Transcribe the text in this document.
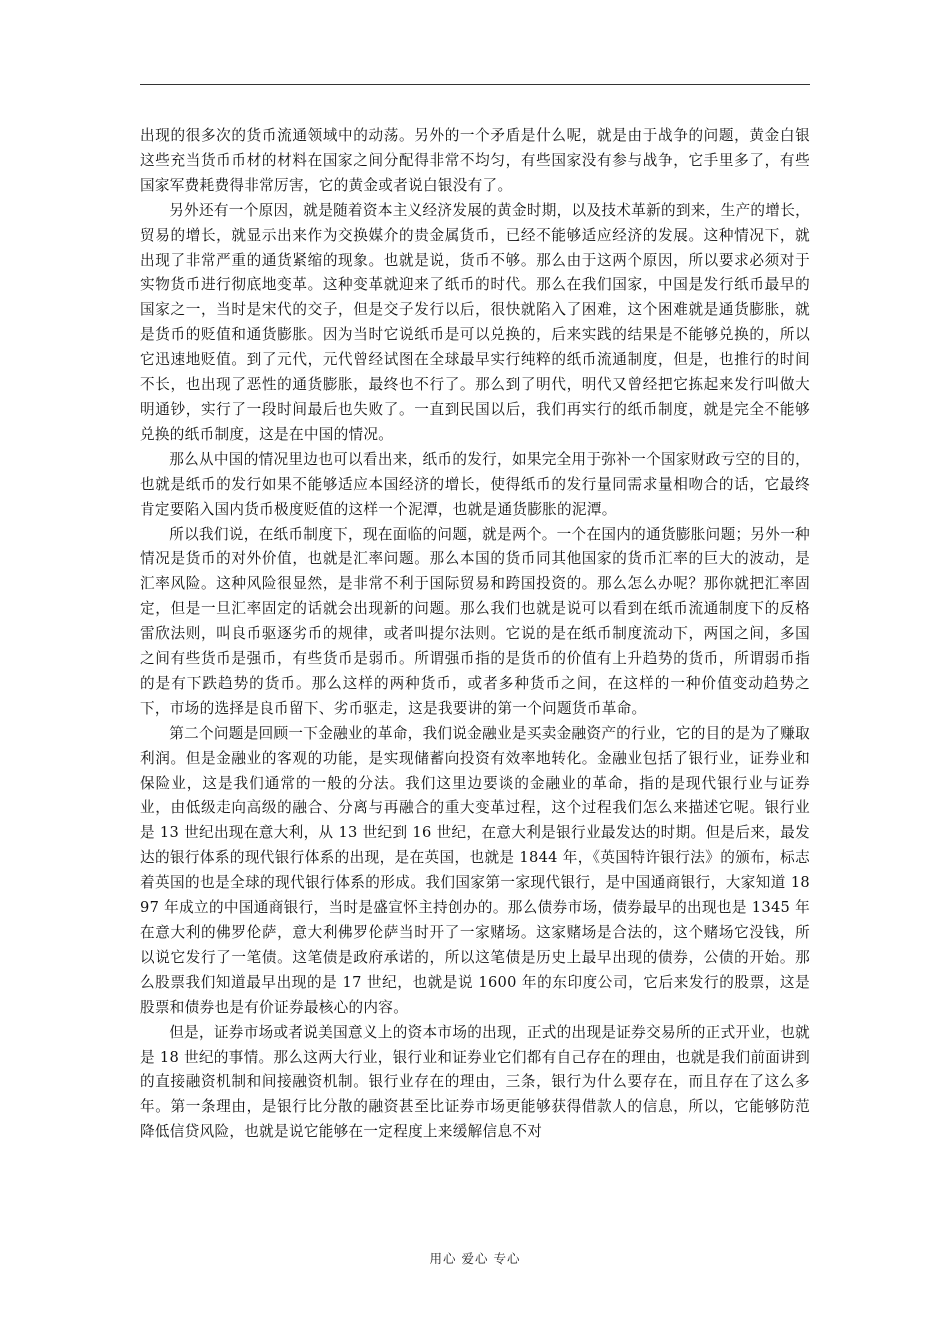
出现的很多次的货币流通领域中的动荡。另外的一个矛盾是什么呢，就是由于战争的问题，黄金白银这些充当货币币材的材料在国家之间分配得非常不均匀，有些国家没有参与战争，它手里多了，有些国家军费耗费得非常厉害，它的黄金或者说白银没有了。

另外还有一个原因，就是随着资本主义经济发展的黄金时期，以及技术革新的到来，生产的增长，贸易的增长，就显示出来作为交换媒介的贵金属货币，已经不能够适应经济的发展。这种情况下，就出现了非常严重的通货紧缩的现象。也就是说，货币不够。那么由于这两个原因，所以要求必须对于实物货币进行彻底地变革。这种变革就迎来了纸币的时代。那么在我们国家，中国是发行纸币最早的国家之一，当时是宋代的交子，但是交子发行以后，很快就陷入了困难，这个困难就是通货膨胀，就是货币的贬值和通货膨胀。因为当时它说纸币是可以兑换的，后来实践的结果是不能够兑换的，所以它迅速地贬值。到了元代，元代曾经试图在全球最早实行纯粹的纸币流通制度，但是，也推行的时间不长，也出现了恶性的通货膨胀，最终也不行了。那么到了明代，明代又曾经把它拣起来发行叫做大明通钞，实行了一段时间最后也失败了。一直到民国以后，我们再实行的纸币制度，就是完全不能够兑换的纸币制度，这是在中国的情况。

那么从中国的情况里边也可以看出来，纸币的发行，如果完全用于弥补一个国家财政亏空的目的，也就是纸币的发行如果不能够适应本国经济的增长，使得纸币的发行量同需求量相吻合的话，它最终肯定要陷入国内货币极度贬值的这样一个泥潭，也就是通货膨胀的泥潭。

所以我们说，在纸币制度下，现在面临的问题，就是两个。一个在国内的通货膨胀问题；另外一种情况是货币的对外价值，也就是汇率问题。那么本国的货币同其他国家的货币汇率的巨大的波动，是汇率风险。这种风险很显然，是非常不利于国际贸易和跨国投资的。那么怎么办呢？那你就把汇率固定，但是一旦汇率固定的话就会出现新的问题。那么我们也就是说可以看到在纸币流通制度下的反格雷欣法则，叫良币驱逐劣币的规律，或者叫提尔法则。它说的是在纸币制度流动下，两国之间，多国之间有些货币是强币，有些货币是弱币。所谓强币指的是货币的价值有上升趋势的货币，所谓弱币指的是有下跌趋势的货币。那么这样的两种货币，或者多种货币之间，在这样的一种价值变动趋势之下，市场的选择是良币留下、劣币驱走，这是我要讲的第一个问题货币革命。

第二个问题是回顾一下金融业的革命，我们说金融业是买卖金融资产的行业，它的目的是为了赚取利润。但是金融业的客观的功能，是实现储蓄向投资有效率地转化。金融业包括了银行业，证券业和保险业，这是我们通常的一般的分法。我们这里边要谈的金融业的革命，指的是现代银行业与证券业，由低级走向高级的融合、分离与再融合的重大变革过程，这个过程我们怎么来描述它呢。银行业是 13 世纪出现在意大利，从 13 世纪到 16 世纪，在意大利是银行业最发达的时期。但是后来，最发达的银行体系的现代银行体系的出现，是在英国，也就是 1844 年，《英国特许银行法》的颁布，标志着英国的也是全球的现代银行体系的形成。我们国家第一家现代银行，是中国通商银行，大家知道 1897 年成立的中国通商银行，当时是盛宣怀主持创办的。那么债券市场，债券最早的出现也是 1345 年在意大利的佛罗伦萨，意大利佛罗伦萨当时开了一家赌场。这家赌场是合法的，这个赌场它没钱，所以说它发行了一笔债。这笔债是政府承诺的，所以这笔债是历史上最早出现的债券，公债的开始。那么股票我们知道最早出现的是 17 世纪，也就是说 1600 年的东印度公司，它后来发行的股票，这是股票和债券也是有价证券最核心的内容。

但是，证券市场或者说美国意义上的资本市场的出现，正式的出现是证券交易所的正式开业，也就是 18 世纪的事情。那么这两大行业，银行业和证券业它们都有自己存在的理由，也就是我们前面讲到的直接融资机制和间接融资机制。银行业存在的理由，三条，银行为什么要存在，而且存在了这么多年。第一条理由，是银行比分散的融资甚至比证券市场更能够获得借款人的信息，所以，它能够防范降低信贷风险，也就是说它能够在一定程度上来缓解信息不对

用心 爱心 专心
